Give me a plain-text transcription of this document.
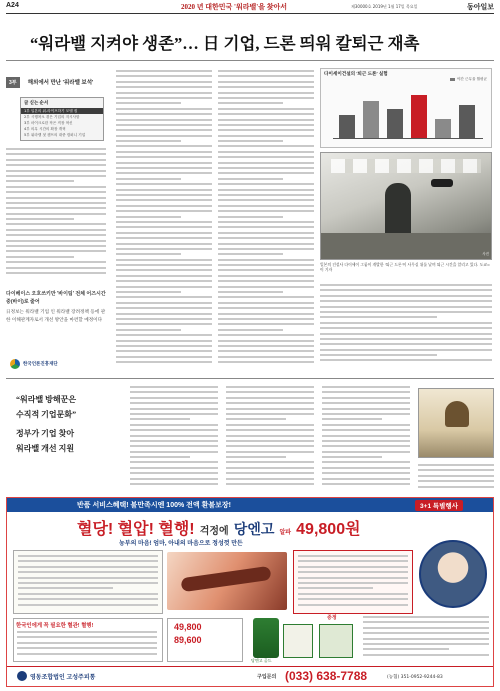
A24	2020 년 대한민국 '워라밸'을 찾아서	제30000호 2019년 1월 17일 목요일	동아일보
“워라밸 지켜야 생존”… 日 기업, 드론 띄워 칼퇴근 재촉
3부 해외에서 만난 '워라밸 보석'
글 싣는 순서
1부 일본의 워-라이프하기 모델 집
2부 시행착오 겪은 기업의 지시사항
3부 마이크로한 작은 직장 혁신
4부 의무 시간의 확장 개혁
5부 워라밸 첫 캠프의 대중 컴퍼니 기업
다이베이스 오호쓰키만 '바이팀' 전체 어즈시간 중(바이)로 줄어
日정보는 워라밸 기업 인 워라밸 장려정책 등에 관한 이해관계자로서 개선 방안을 마련할 예정이다
한국언론진흥재단
다이세이건설의 '퇴근 드론' 실험
야간 근무율 월평균
사진
일본의 건설사 다이세이 그룹이 개발한 '퇴근 드론'이 사무실 위를 날며 퇴근 시간을 알리고 있다. 도쿄=이 기자
“워라밸 방해꾼은
수직적 기업문화”
정부가 기업 찾아
워라밸 개선 지원
반품 서비스혜택! 불만족시엔 100% 전액 환불보장!	3+1 특별행사
혈당! 혈압! 혈행! 걱정에 당엔고 알파 49,800원
농부의 마음! 엄마, 아내의 마음으로 정성껏 만든
한국인에게 꼭 필요한 혈관! 혈행!	49,800
89,600
당엔고 골드
증정
영동조합법인 고성주피통	구입문의 (033) 638-7788	(농협) 351-0952-9244-83
